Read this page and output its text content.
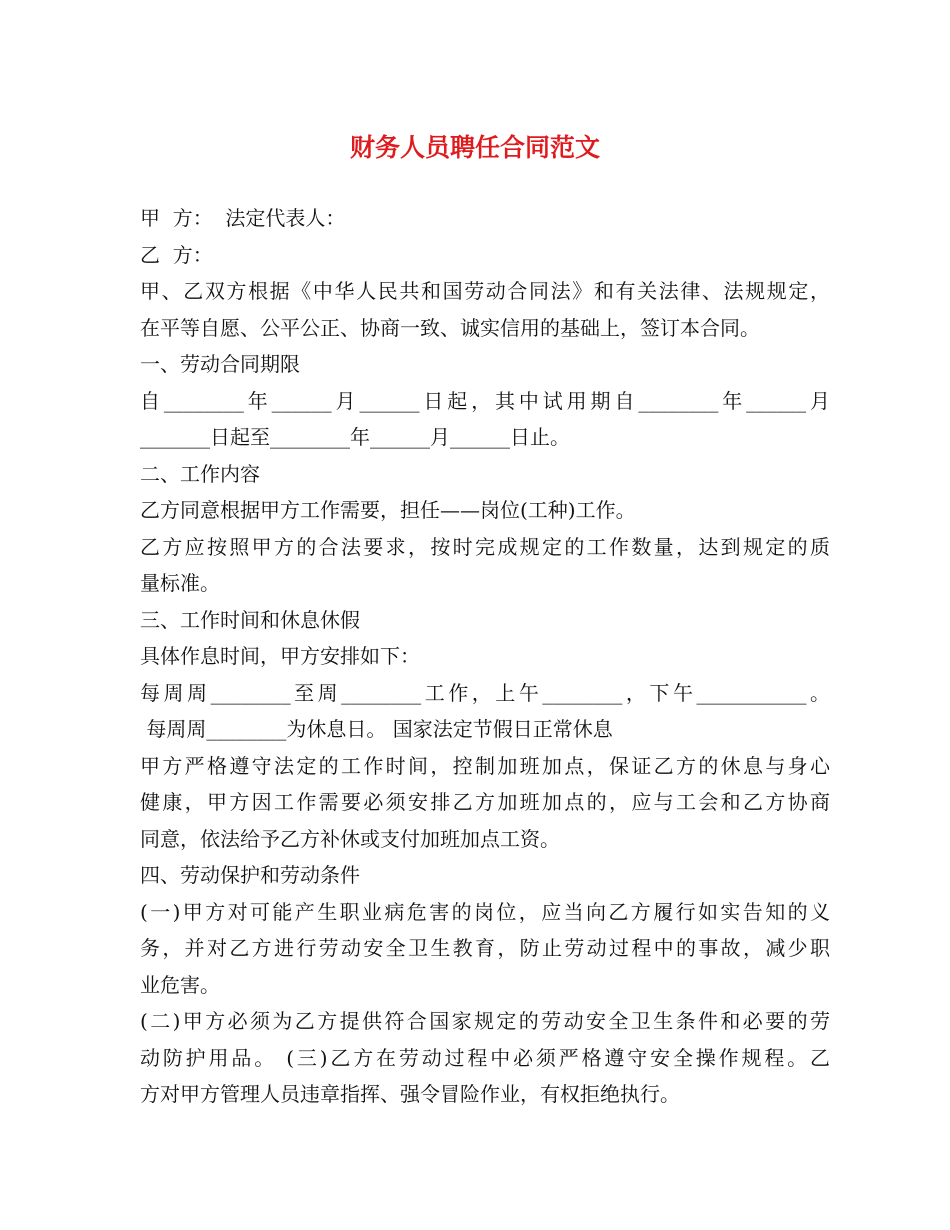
财务人员聘任合同范文

甲  方：  法定代表人：

乙  方：

甲、乙双方根据《中华人民共和国劳动合同法》和有关法律、法规规定，

在平等自愿、公平公正、协商一致、诚实信用的基础上，签订本合同。

一、劳动合同期限

自________年______月______日起，其中试用期自________年______月

_______日起至________年______月______日止。

二、工作内容

乙方同意根据甲方工作需要，担任——岗位(工种)工作。

乙方应按照甲方的合法要求，按时完成规定的工作数量，达到规定的质

量标准。

三、工作时间和休息休假

具体作息时间，甲方安排如下：

每周周________至周________工作，上午________，下午___________。

每周周________为休息日。 国家法定节假日正常休息

甲方严格遵守法定的工作时间，控制加班加点，保证乙方的休息与身心

健康，甲方因工作需要必须安排乙方加班加点的，应与工会和乙方协商

同意，依法给予乙方补休或支付加班加点工资。

四、劳动保护和劳动条件

(一)甲方对可能产生职业病危害的岗位，应当向乙方履行如实告知的义

务，并对乙方进行劳动安全卫生教育，防止劳动过程中的事故，减少职

业危害。

(二)甲方必须为乙方提供符合国家规定的劳动安全卫生条件和必要的劳

动防护用品。 (三)乙方在劳动过程中必须严格遵守安全操作规程。乙

方对甲方管理人员违章指挥、强令冒险作业，有权拒绝执行。
